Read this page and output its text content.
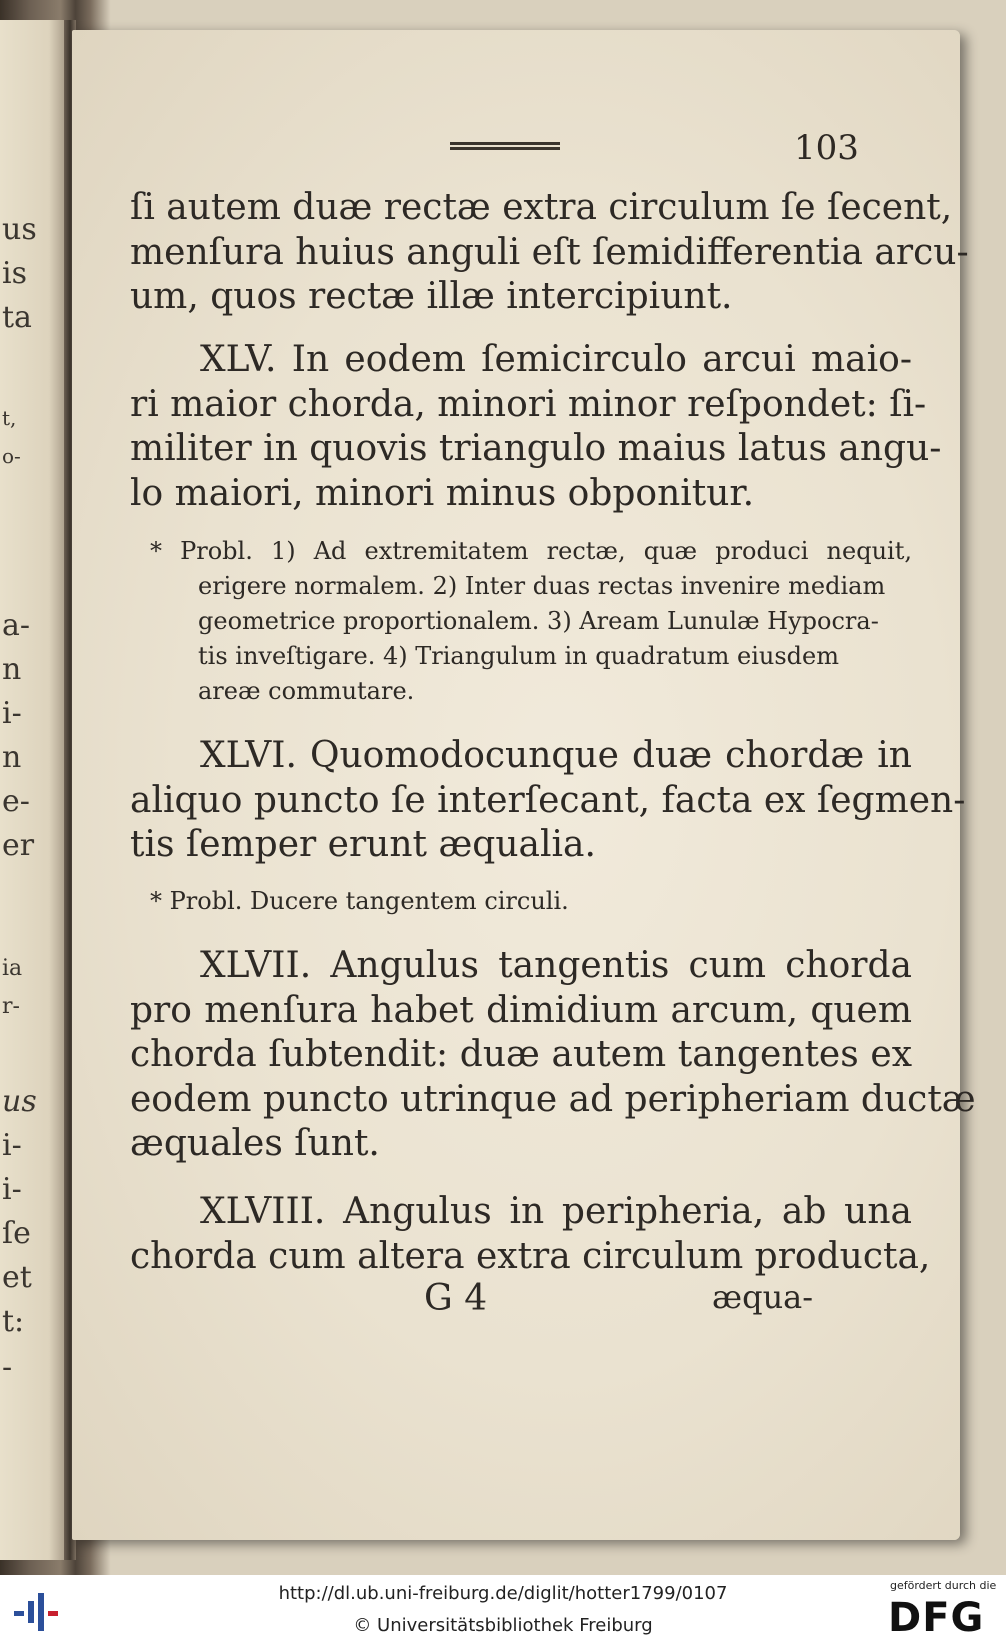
us
is
ta
t,
o-
a-
n
i-
n
e-
er
ia
r-
us
i-
i-
ſe
et
t:
-
103
ſi autem duæ rectæ extra circulum ſe ſecent,
menſura huius anguli eſt ſemidifferentia arcu-
um, quos rectæ illæ intercipiunt.
XLV. In eodem ſemicirculo arcui maio-
ri maior chorda, minori minor reſpondet: ſi-
militer in quovis triangulo maius latus angu-
lo maiori, minori minus obponitur.
* Probl. 1) Ad extremitatem rectæ, quæ produci nequit,
erigere normalem. 2) Inter duas rectas invenire mediam
geometrice proportionalem. 3) Aream Lunulæ Hypocra-
tis inveſtigare. 4) Triangulum in quadratum eiusdem
areæ commutare.
XLVI. Quomodocunque duæ chordæ in
aliquo puncto ſe interſecant, facta ex ſegmen-
tis ſemper erunt æqualia.
* Probl. Ducere tangentem circuli.
XLVII. Angulus tangentis cum chorda
pro menſura habet dimidium arcum, quem
chorda ſubtendit: duæ autem tangentes ex
eodem puncto utrinque ad peripheriam ductæ
æquales ſunt.
XLVIII. Angulus in peripheria, ab una
chorda cum altera extra circulum producta,
G 4	æqua-
http://dl.ub.uni-freiburg.de/diglit/hotter1799/0107
© Universitätsbibliothek Freiburg
gefördert durch die
DFG
